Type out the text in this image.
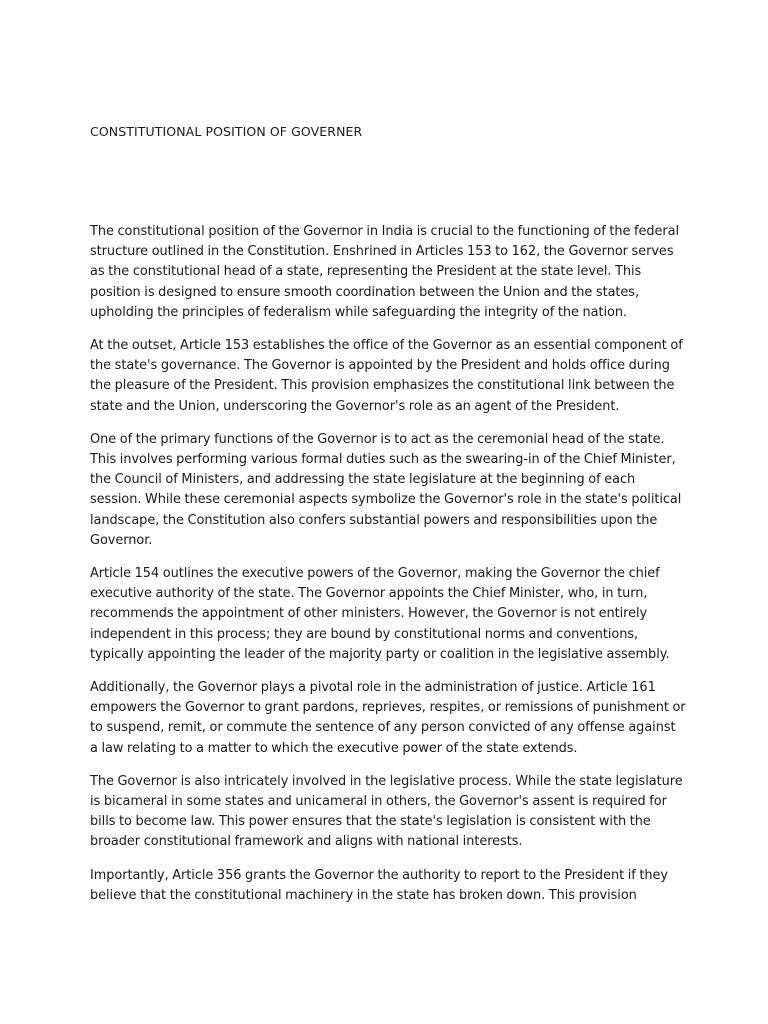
CONSTITUTIONAL POSITION OF GOVERNER

The constitutional position of the Governor in India is crucial to the functioning of the federal structure outlined in the Constitution. Enshrined in Articles 153 to 162, the Governor serves as the constitutional head of a state, representing the President at the state level. This position is designed to ensure smooth coordination between the Union and the states, upholding the principles of federalism while safeguarding the integrity of the nation.

At the outset, Article 153 establishes the office of the Governor as an essential component of the state's governance. The Governor is appointed by the President and holds office during the pleasure of the President. This provision emphasizes the constitutional link between the state and the Union, underscoring the Governor's role as an agent of the President.

One of the primary functions of the Governor is to act as the ceremonial head of the state. This involves performing various formal duties such as the swearing-in of the Chief Minister, the Council of Ministers, and addressing the state legislature at the beginning of each session. While these ceremonial aspects symbolize the Governor's role in the state's political landscape, the Constitution also confers substantial powers and responsibilities upon the Governor.

Article 154 outlines the executive powers of the Governor, making the Governor the chief executive authority of the state. The Governor appoints the Chief Minister, who, in turn, recommends the appointment of other ministers. However, the Governor is not entirely independent in this process; they are bound by constitutional norms and conventions, typically appointing the leader of the majority party or coalition in the legislative assembly.

Additionally, the Governor plays a pivotal role in the administration of justice. Article 161 empowers the Governor to grant pardons, reprieves, respites, or remissions of punishment or to suspend, remit, or commute the sentence of any person convicted of any offense against a law relating to a matter to which the executive power of the state extends.

The Governor is also intricately involved in the legislative process. While the state legislature is bicameral in some states and unicameral in others, the Governor's assent is required for bills to become law. This power ensures that the state's legislation is consistent with the broader constitutional framework and aligns with national interests.

Importantly, Article 356 grants the Governor the authority to report to the President if they believe that the constitutional machinery in the state has broken down. This provision
